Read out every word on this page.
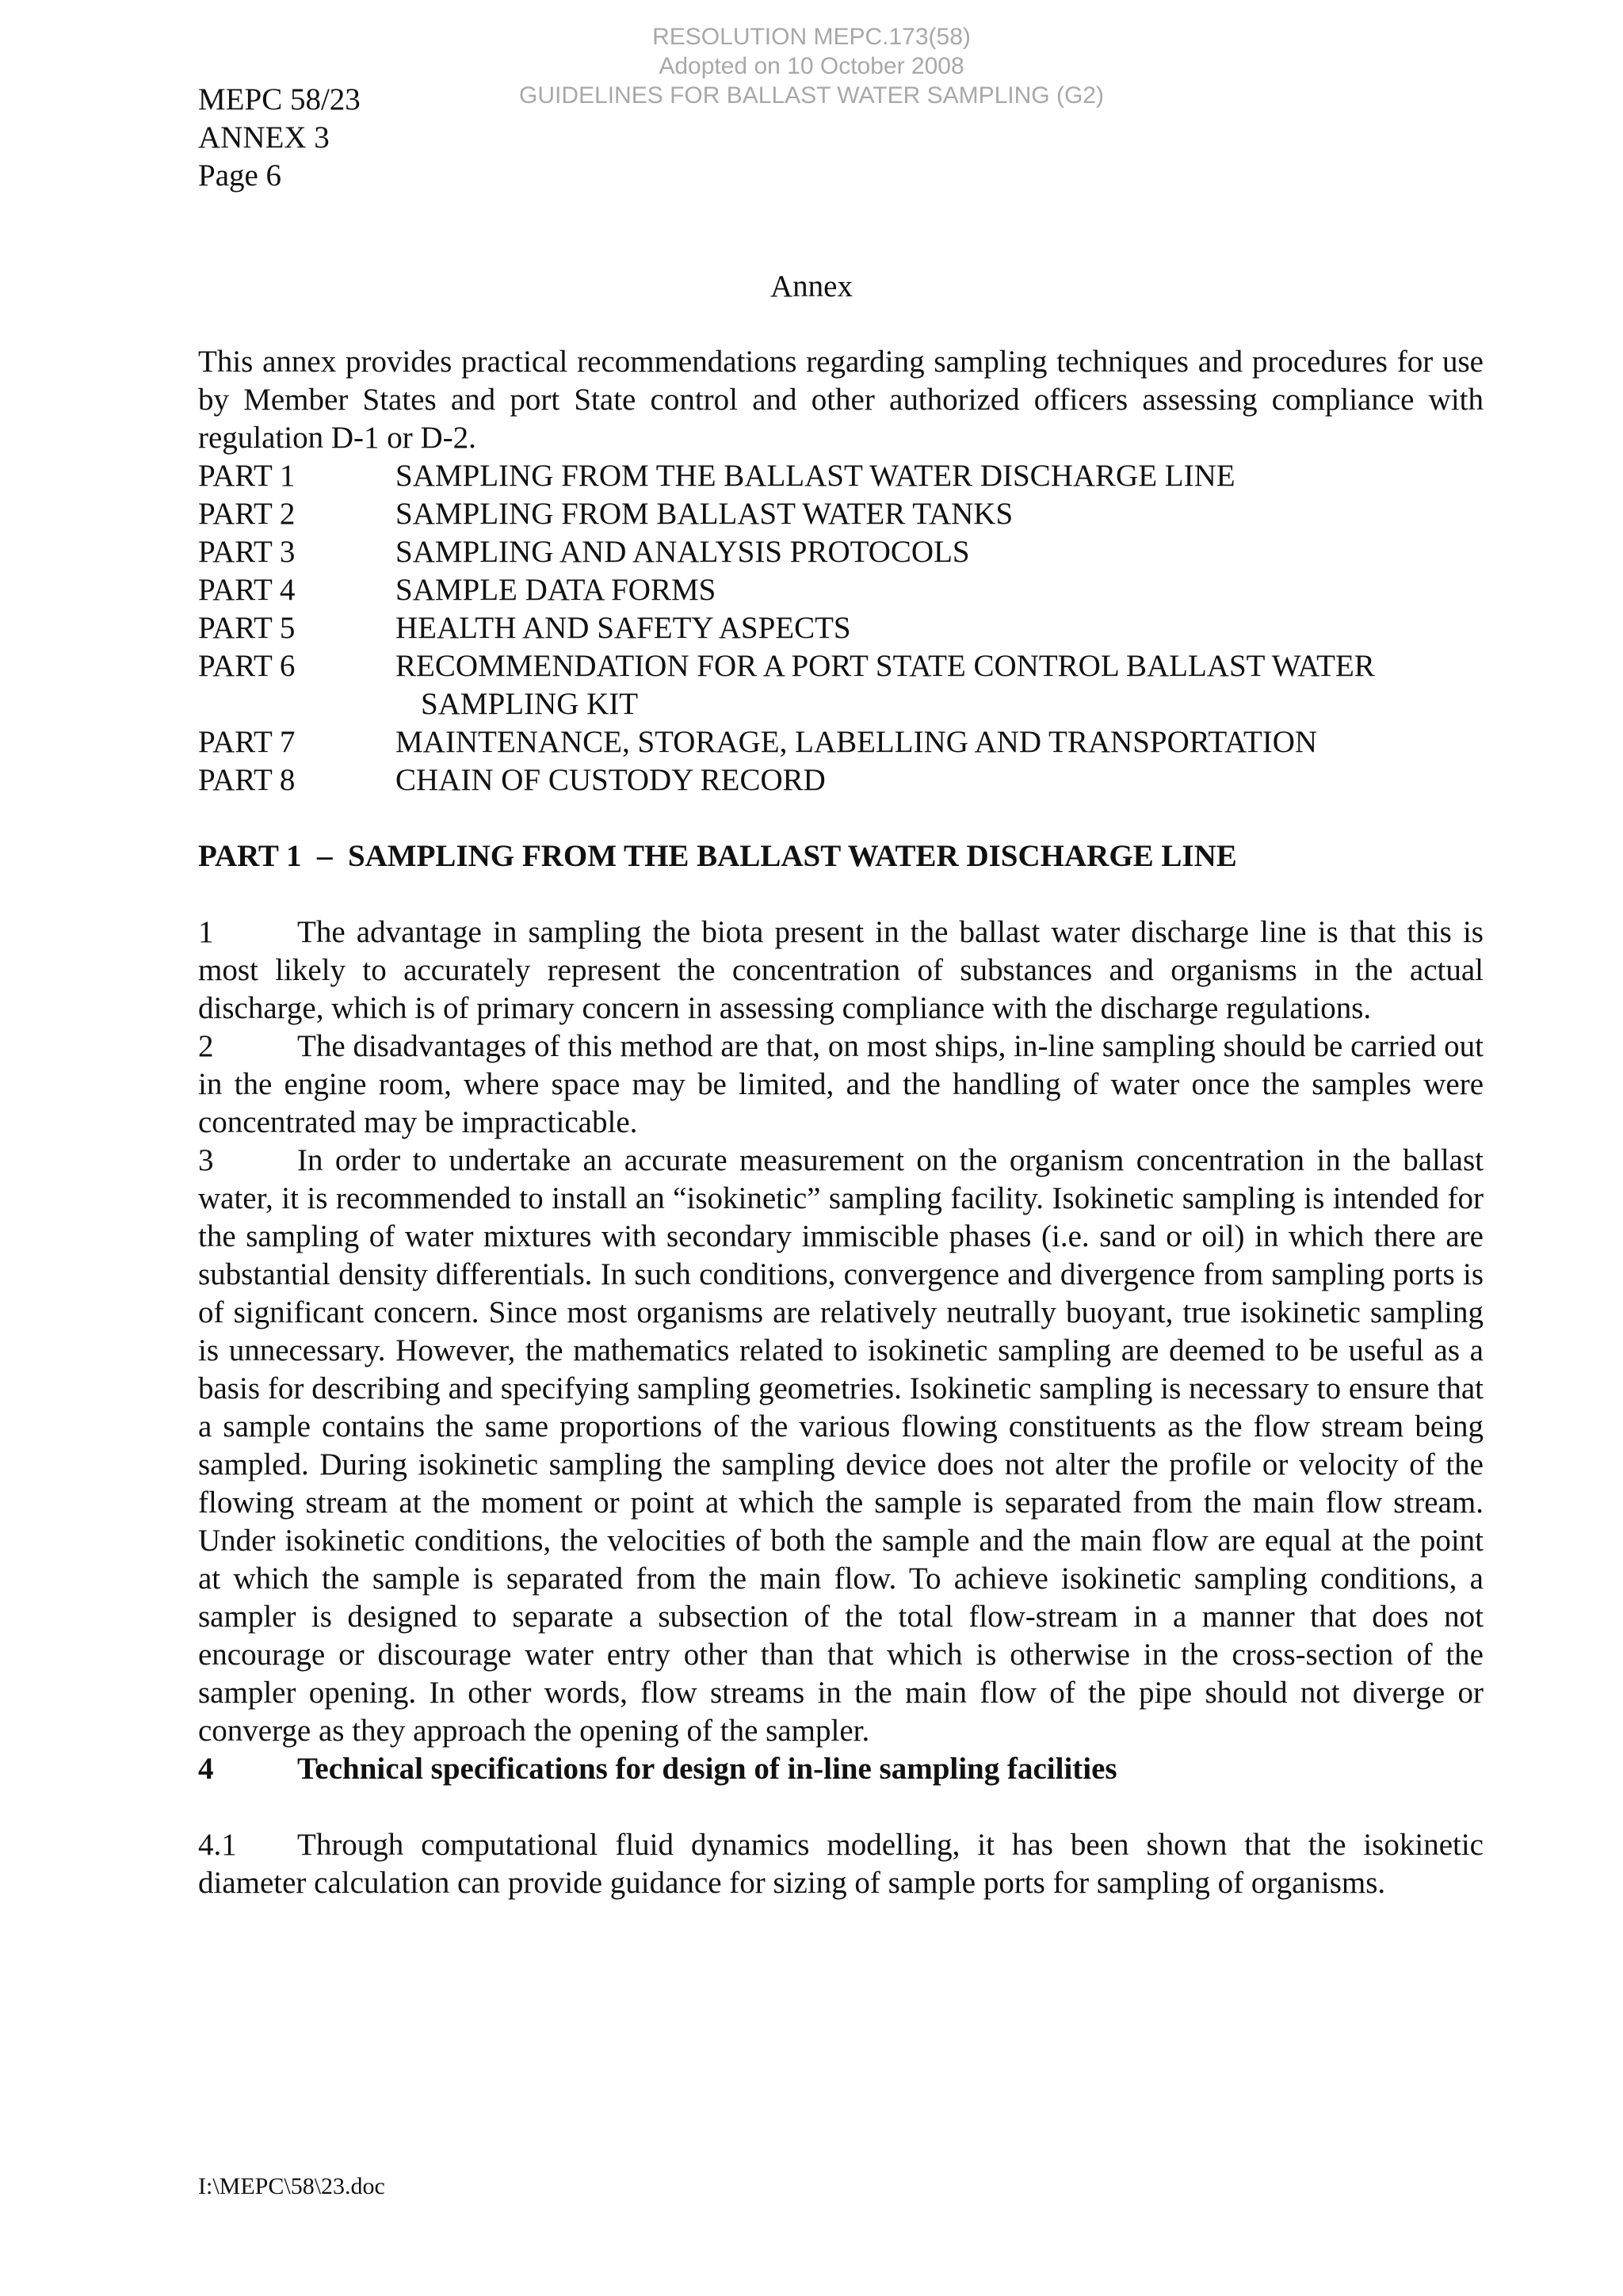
RESOLUTION MEPC.173(58)
Adopted on 10 October 2008
GUIDELINES FOR BALLAST WATER SAMPLING (G2)
MEPC 58/23
ANNEX 3
Page 6
Annex

This annex provides practical recommendations regarding sampling techniques and procedures for use by Member States and port State control and other authorized officers assessing compliance with regulation D-1 or D-2.

PART 1	SAMPLING FROM THE BALLAST WATER DISCHARGE LINE
PART 2	SAMPLING FROM BALLAST WATER TANKS
PART 3	SAMPLING AND ANALYSIS PROTOCOLS
PART 4	SAMPLE DATA FORMS
PART 5	HEALTH AND SAFETY ASPECTS
PART 6	RECOMMENDATION FOR A PORT STATE CONTROL BALLAST WATER
SAMPLING KIT
PART 7	MAINTENANCE, STORAGE, LABELLING AND TRANSPORTATION
PART 8	CHAIN OF CUSTODY RECORD
PART 1  –  SAMPLING FROM THE BALLAST WATER DISCHARGE LINE

1	The advantage in sampling the biota present in the ballast water discharge line is that this is most likely to accurately represent the concentration of substances and organisms in the actual discharge, which is of primary concern in assessing compliance with the discharge regulations.

2	The disadvantages of this method are that, on most ships, in-line sampling should be carried out in the engine room, where space may be limited, and the handling of water once the samples were concentrated may be impracticable.

3	In order to undertake an accurate measurement on the organism concentration in the ballast water, it is recommended to install an “isokinetic” sampling facility. Isokinetic sampling is intended for the sampling of water mixtures with secondary immiscible phases (i.e. sand or oil) in which there are substantial density differentials. In such conditions, convergence and divergence from sampling ports is of significant concern. Since most organisms are relatively neutrally buoyant, true isokinetic sampling is unnecessary. However, the mathematics related to isokinetic sampling are deemed to be useful as a basis for describing and specifying sampling geometries. Isokinetic sampling is necessary to ensure that a sample contains the same proportions of the various flowing constituents as the flow stream being sampled. During isokinetic sampling the sampling device does not alter the profile or velocity of the flowing stream at the moment or point at which the sample is separated from the main flow stream. Under isokinetic conditions, the velocities of both the sample and the main flow are equal at the point at which the sample is separated from the main flow. To achieve isokinetic sampling conditions, a sampler is designed to separate a subsection of the total flow-stream in a manner that does not encourage or discourage water entry other than that which is otherwise in the cross-section of the sampler opening. In other words, flow streams in the main flow of the pipe should not diverge or converge as they approach the opening of the sampler.

4	Technical specifications for design of in-line sampling facilities

4.1 Through computational fluid dynamics modelling, it has been shown that the isokinetic diameter calculation can provide guidance for sizing of sample ports for sampling of organisms.

I:\MEPC\58\23.doc
